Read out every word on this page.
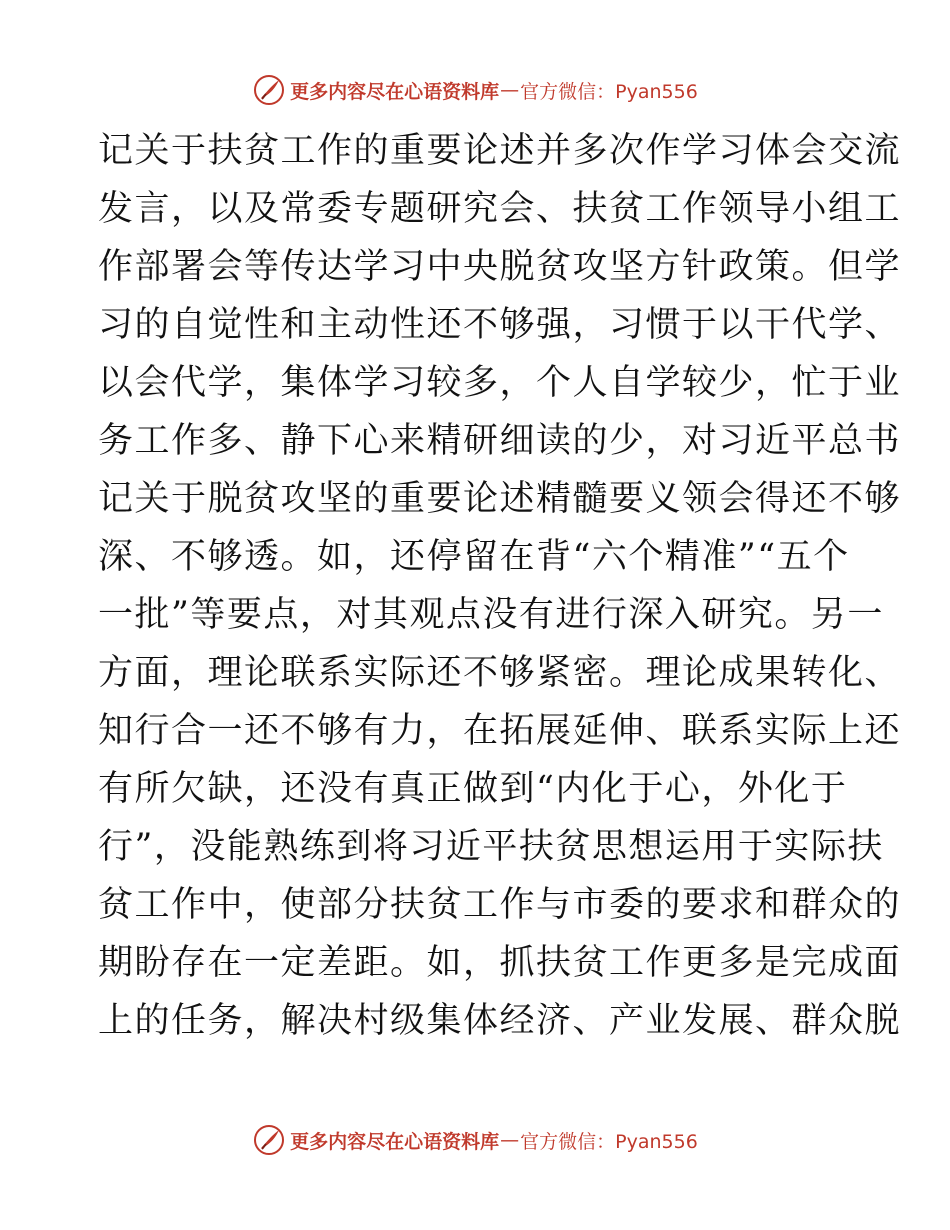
更多内容尽在心语资料库 — 官方微信：Pyan556
记关于扶贫工作的重要论述并多次作学习体会交流
发言，以及常委专题研究会、扶贫工作领导小组工
作部署会等传达学习中央脱贫攻坚方针政策。但学
习的自觉性和主动性还不够强，习惯于以干代学、
以会代学，集体学习较多，个人自学较少，忙于业
务工作多、静下心来精研细读的少，对习近平总书
记关于脱贫攻坚的重要论述精髓要义领会得还不够
深、不够透。如，还停留在背“六个精准”“五个
一批”等要点，对其观点没有进行深入研究。另一
方面，理论联系实际还不够紧密。理论成果转化、
知行合一还不够有力，在拓展延伸、联系实际上还
有所欠缺，还没有真正做到“内化于心，外化于
行”，没能熟练到将习近平扶贫思想运用于实际扶
贫工作中，使部分扶贫工作与市委的要求和群众的
期盼存在一定差距。如，抓扶贫工作更多是完成面
上的任务，解决村级集体经济、产业发展、群众脱
更多内容尽在心语资料库 — 官方微信：Pyan556
